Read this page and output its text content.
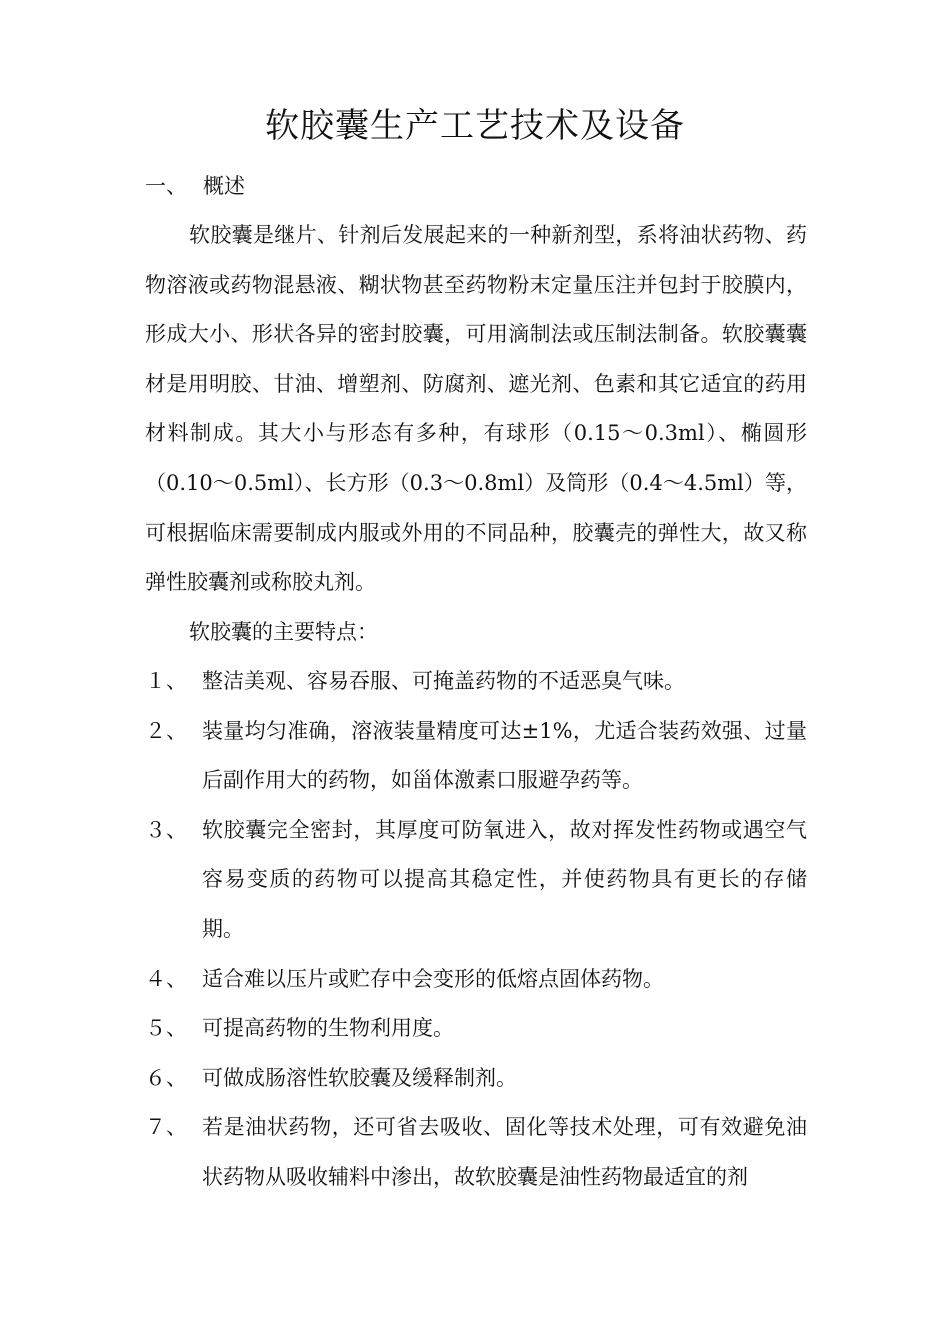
软胶囊生产工艺技术及设备
一、 概述

软胶囊是继片、针剂后发展起来的一种新剂型，系将油状药物、药物溶液或药物混悬液、糊状物甚至药物粉末定量压注并包封于胶膜内，形成大小、形状各异的密封胶囊，可用滴制法或压制法制备。软胶囊囊材是用明胶、甘油、增塑剂、防腐剂、遮光剂、色素和其它适宜的药用材料制成。其大小与形态有多种，有球形（0.15～0.3ml）、椭圆形（0.10～0.5ml）、长方形（0.3～0.8ml）及筒形（0.4～4.5ml）等，可根据临床需要制成内服或外用的不同品种，胶囊壳的弹性大，故又称弹性胶囊剂或称胶丸剂。

软胶囊的主要特点：

１、 整洁美观、容易吞服、可掩盖药物的不适恶臭气味。
２、 装量均匀准确，溶液装量精度可达±1%，尤适合装药效强、过量后副作用大的药物，如甾体激素口服避孕药等。
３、 软胶囊完全密封，其厚度可防氧进入，故对挥发性药物或遇空气容易变质的药物可以提高其稳定性，并使药物具有更长的存储期。
４、 适合难以压片或贮存中会变形的低熔点固体药物。
５、 可提高药物的生物利用度。
６、 可做成肠溶性软胶囊及缓释制剂。
７、 若是油状药物，还可省去吸收、固化等技术处理，可有效避免油状药物从吸收辅料中渗出，故软胶囊是油性药物最适宜的剂
